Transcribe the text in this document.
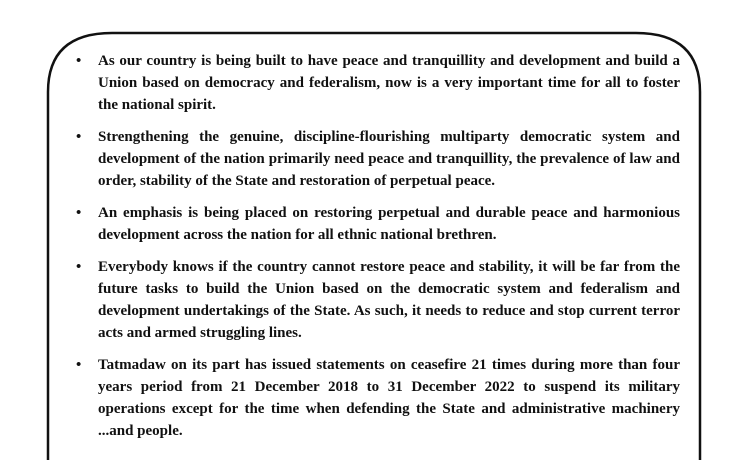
• As our country is being built to have peace and tranquillity and development and build a Union based on democracy and federalism, now is a very important time for all to foster the national spirit.
• Strengthening the genuine, discipline-flourishing multiparty democratic system and development of the nation primarily need peace and tranquillity, the prevalence of law and order, stability of the State and restoration of perpetual peace.
• An emphasis is being placed on restoring perpetual and durable peace and harmonious development across the nation for all ethnic national brethren.
• Everybody knows if the country cannot restore peace and stability, it will be far from the future tasks to build the Union based on the democratic system and federalism and development undertakings of the State. As such, it needs to reduce and stop current terror acts and armed struggling lines.
• Tatmadaw on its part has issued statements on ceasefire 21 times during more than four years period from 21 December 2018 to 31 December 2022 to suspend its military operations except for the time when defending the State and administrative machinery ...and people.
